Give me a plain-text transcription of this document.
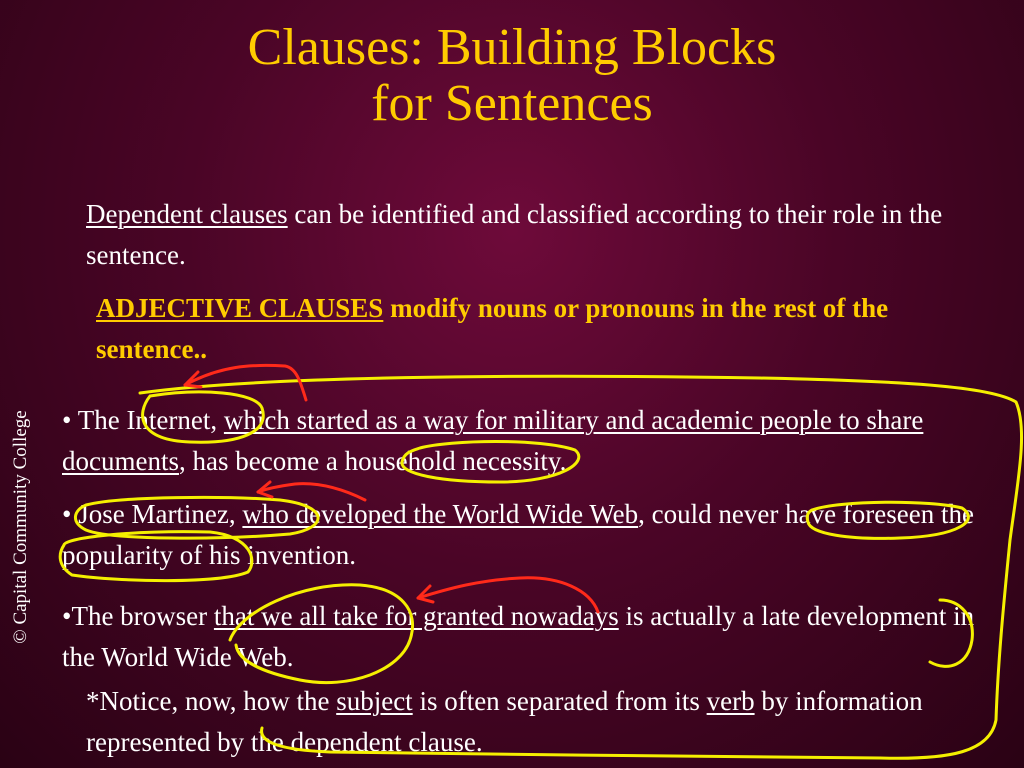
Clauses: Building Blocks
for Sentences
Dependent clauses can be identified and classified according to their role in the sentence.
ADJECTIVE CLAUSES modify nouns or pronouns in the rest of the sentence..
• The Internet, which started as a way for military and academic people to share documents, has become a household necessity.
• Jose Martinez, who developed the World Wide Web, could never have foreseen the popularity of his invention.
•The browser that we all take for granted nowadays is actually a late development in the World Wide Web.
*Notice, now, how the subject is often separated from its verb by information represented by the dependent clause.
© Capital Community College
